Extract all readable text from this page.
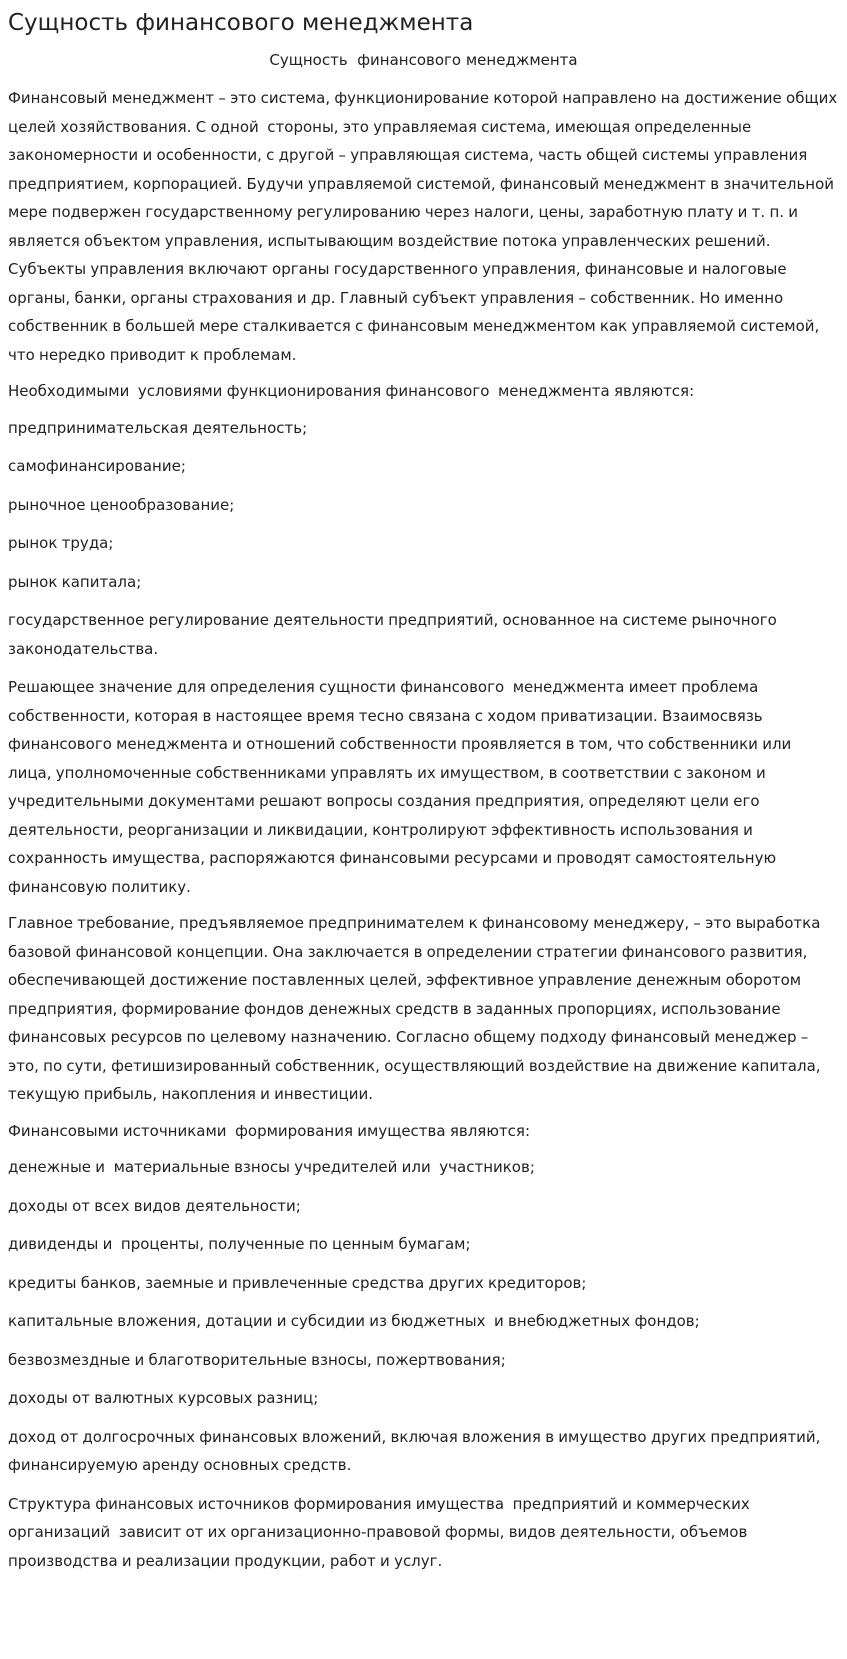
Сущность финансового менеджмента
Сущность  финансового менеджмента

Финансовый менеджмент – это система, функционирование которой направлено на достижение общих  целей хозяйствования. С одной  стороны, это управляемая система, имеющая определенные закономерности и особенности, с другой – управляющая система, часть общей системы управления предприятием, корпорацией. Будучи управляемой системой, финансовый менеджмент в значительной мере подвержен государственному регулированию через налоги, цены, заработную плату и т. п. и является объектом управления, испытывающим воздействие потока управленческих решений. Субъекты управления включают органы государственного управления, финансовые и налоговые органы, банки, органы страхования и др. Главный субъект управления – собственник. Но именно собственник в большей мере сталкивается с финансовым менеджментом как управляемой системой, что нередко приводит к проблемам.

Необходимыми  условиями функционирования финансового  менеджмента являются:

предпринимательская деятельность;

самофинансирование;

рыночное ценообразование;

рынок труда;

рынок капитала;

государственное регулирование деятельности предприятий, основанное на системе рыночного законодательства.

Решающее значение для определения сущности финансового  менеджмента имеет проблема собственности, которая в настоящее время тесно связана с ходом приватизации. Взаимосвязь финансового менеджмента и отношений собственности проявляется в том, что собственники или лица, уполномоченные собственниками управлять их имуществом, в соответствии с законом и учредительными документами решают вопросы создания предприятия, определяют цели его деятельности, реорганизации и ликвидации, контролируют эффективность использования и сохранность имущества, распоряжаются финансовыми ресурсами и проводят самостоятельную финансовую политику.

Главное требование, предъявляемое предпринимателем к финансовому менеджеру, – это выработка базовой финансовой концепции. Она заключается в определении стратегии финансового развития, обеспечивающей достижение поставленных целей, эффективное управление денежным оборотом предприятия, формирование фондов денежных средств в заданных пропорциях, использование финансовых ресурсов по целевому назначению. Согласно общему подходу финансовый менеджер – это, по сути, фетишизированный собственник, осуществляющий воздействие на движение капитала, текущую прибыль, накопления и инвестиции.

Финансовыми источниками  формирования имущества являются:

денежные и  материальные взносы учредителей или  участников;

доходы от всех видов деятельности;

дивиденды и  проценты, полученные по ценным бумагам;

кредиты банков, заемные и привлеченные средства других кредиторов;

капитальные вложения, дотации и субсидии из бюджетных  и внебюджетных фондов;

безвозмездные и благотворительные взносы, пожертвования;

доходы от валютных курсовых разниц;

доход от долгосрочных финансовых вложений, включая вложения в имущество других предприятий, финансируемую аренду основных средств.

Структура финансовых источников формирования имущества  предприятий и коммерческих организаций  зависит от их организационно-правовой формы, видов деятельности, объемов производства и реализации продукции, работ и услуг.
